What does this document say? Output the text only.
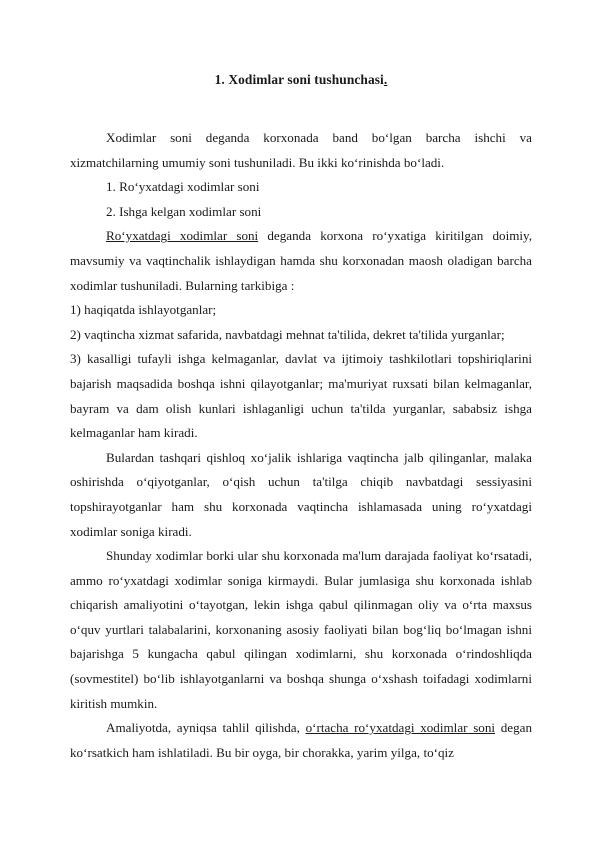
1. Xodimlar soni tushunchasi.

Xodimlar soni deganda korxonada band boʻlgan barcha ishchi va xizmatchilarning umumiy soni tushuniladi. Bu ikki koʻrinishda boʻladi.

1. Roʻyxatdagi xodimlar soni

2. Ishga kelgan xodimlar soni

Roʻyxatdagi xodimlar soni deganda korxona roʻyxatiga kiritilgan doimiy, mavsumiy va vaqtinchalik ishlaydigan hamda shu korxonadan maosh oladigan barcha xodimlar tushuniladi. Bularning tarkibiga :

1) haqiqatda ishlayotganlar;

2) vaqtincha xizmat safarida, navbatdagi mehnat ta'tilida, dekret ta'tilida yurganlar;

3) kasalligi tufayli ishga kelmaganlar, davlat va ijtimoiy tashkilotlari topshiriqlarini bajarish maqsadida boshqa ishni qilayotganlar; ma'muriyat ruxsati bilan kelmaganlar, bayram va dam olish kunlari ishlaganligi uchun ta'tilda yurganlar, sababsiz ishga kelmaganlar ham kiradi.

Bulardan tashqari qishloq xoʻjalik ishlariga vaqtincha jalb qilinganlar, malaka oshirishda oʻqiyotganlar, oʻqish uchun ta'tilga chiqib navbatdagi sessiyasini topshirayotganlar ham shu korxonada vaqtincha ishlamasada uning roʻyxatdagi xodimlar soniga kiradi.

Shunday xodimlar borki ular shu korxonada ma'lum darajada faoliyat koʻrsatadi, ammo roʻyxatdagi xodimlar soniga kirmaydi. Bular jumlasiga shu korxonada ishlab chiqarish amaliyotini oʻtayotgan, lekin ishga qabul qilinmagan oliy va oʻrta maxsus oʻquv yurtlari talabalarini, korxonaning asosiy faoliyati bilan bogʻliq boʻlmagan ishni bajarishga 5 kungacha qabul qilingan xodimlarni, shu korxonada oʻrindoshliqda (sovmestitel) boʻlib ishlayotganlarni va boshqa shunga oʻxshash toifadagi xodimlarni kiritish mumkin.

Amaliyotda, ayniqsa tahlil qilishda, oʻrtacha roʻyxatdagi xodimlar soni degan koʻrsatkich ham ishlatiladi. Bu bir oyga, bir chorakka, yarim yilga, toʻqiz
